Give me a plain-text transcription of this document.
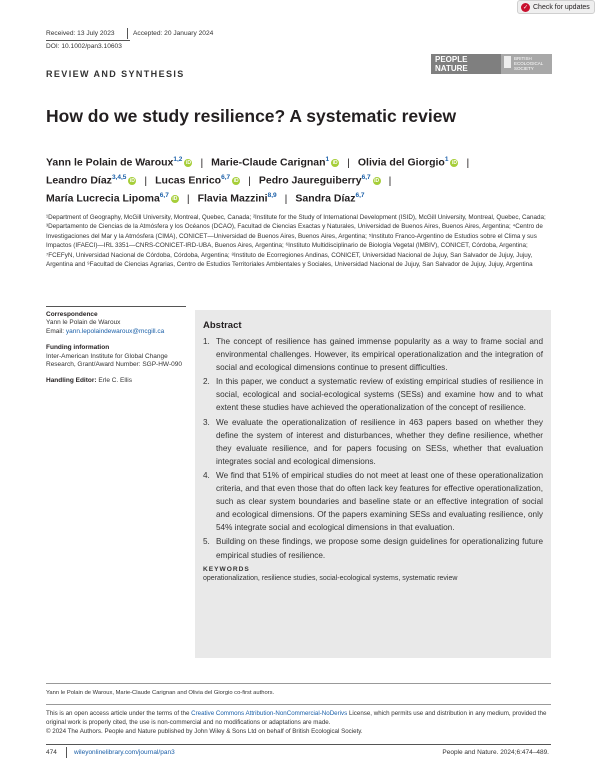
✓ Check for updates
Received: 13 July 2023	Accepted: 20 January 2024
DOI: 10.1002/pan3.10603
REVIEW AND SYNTHESIS
PEOPLE
NATURE
BRITISH
ECOLOGICAL
SOCIETY
How do we study resilience? A systematic review
Yann le Polain de Waroux$^{1,2}$ iD | Marie-Claude Carignan$^1$ iD | Olivia del Giorgio$^1$ iD |
Leandro Díaz$^{3,4,5}$ iD | Lucas Enrico$^{6,7}$ iD | Pedro Jaureguiberry$^{6,7}$ iD |
María Lucrecia Lipoma$^{6,7}$ iD | Flavia Mazzini$^{8,9}$ | Sandra Díaz$^{6,7}$
¹Department of Geography, McGill University, Montreal, Quebec, Canada; ²Institute for the Study of International Development (ISID), McGill University, Montreal, Quebec, Canada; ³Departamento de Ciencias de la Atmósfera y los Océanos (DCAO), Facultad de Ciencias Exactas y Naturales, Universidad de Buenos Aires, Buenos Aires, Argentina; ⁴Centro de Investigaciones del Mar y la Atmósfera (CIMA), CONICET—Universidad de Buenos Aires, Buenos Aires, Argentina; ⁵Instituto Franco-Argentino de Estudios sobre el Clima y sus Impactos (IFAECI)—IRL 3351—CNRS-CONICET-IRD-UBA, Buenos Aires, Argentina; ⁶Instituto Multidisciplinario de Biología Vegetal (IMBIV), CONICET, Córdoba, Argentina; ⁷FCEFyN, Universidad Nacional de Córdoba, Córdoba, Argentina; ⁸Instituto de Ecorregiones Andinas, CONICET, Universidad Nacional de Jujuy, San Salvador de Jujuy, Jujuy, Argentina and ⁹Facultad de Ciencias Agrarias, Centro de Estudios Territoriales Ambientales y Sociales, Universidad Nacional de Jujuy, San Salvador de Jujuy, Jujuy, Argentina
Correspondence
Yann le Polain de Waroux
Email: yann.lepolaindewaroux@mcgill.ca
Funding information
Inter-American Institute for Global Change Research, Grant/Award Number: SGP-HW-090
Handling Editor: Erle C. Ellis
Abstract
1. The concept of resilience has gained immense popularity as a way to frame social and environmental challenges. However, its empirical operationalization and the integration of social and ecological dimensions continue to present difficulties.
2. In this paper, we conduct a systematic review of existing empirical studies of resilience in social, ecological and social-ecological systems (SESs) and examine how and to what extent these studies have achieved the operationalization of the concept of resilience.
3. We evaluate the operationalization of resilience in 463 papers based on whether they define the system of interest and disturbances, whether they define resilience, whether they evaluate resilience, and for papers focusing on SESs, whether that evaluation integrates social and ecological dimensions.
4. We find that 51% of empirical studies do not meet at least one of these operationalization criteria, and that even those that do often lack key features for effective operationalization, such as clear system boundaries and baseline state or an effective integration of social and ecological dimensions. Of the papers examining SESs and evaluating resilience, only 54% integrate social and ecological dimensions in that evaluation.
5. Building on these findings, we propose some design guidelines for operationalizing future empirical studies of resilience.
KEYWORDS
operationalization, resilience studies, social-ecological systems, systematic review
Yann le Polain de Waroux, Marie-Claude Carignan and Olivia del Giorgio co-first authors.
This is an open access article under the terms of the Creative Commons Attribution-NonCommercial-NoDerivs License, which permits use and distribution in any medium, provided the original work is properly cited, the use is non-commercial and no modifications or adaptations are made.
© 2024 The Authors. People and Nature published by John Wiley & Sons Ltd on behalf of British Ecological Society.
474	wileyonlinelibrary.com/journal/pan3	People and Nature. 2024;6:474–489.
